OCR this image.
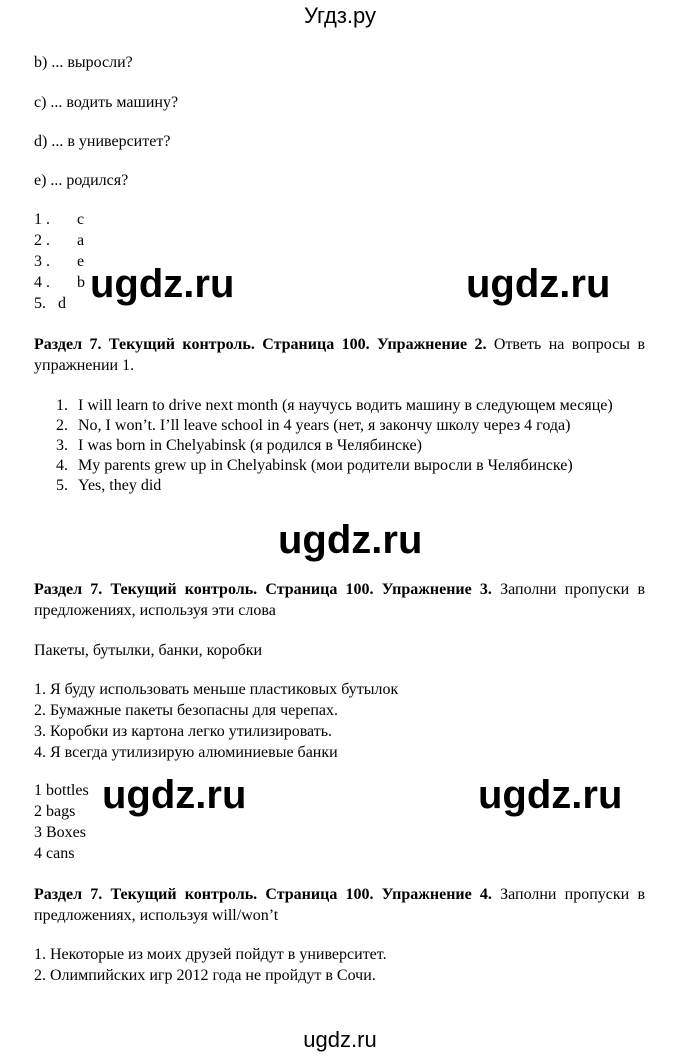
Угдз.ру
b) ... выросли?
c) ... водить машину?
d) ... в университет?
e) ... родился?
1 . c
2 . a
3 . e
4 . b
5. d ugdz.ru	ugdz.ru
Раздел 7. Текущий контроль. Страница 100. Упражнение 2. Ответь на вопросы в упражнении 1.
1. I will learn to drive next month (я научусь водить машину в следующем месяце)
2. No, I won’t. I’ll leave school in 4 years (нет, я закончу школу через 4 года)
3. I was born in Chelyabinsk (я родился в Челябинске)
4. My parents grew up in Chelyabinsk (мои родители выросли в Челябинске)
5. Yes, they did
ugdz.ru
Раздел 7. Текущий контроль. Страница 100. Упражнение 3. Заполни пропуски в предложениях, используя эти слова
Пакеты, бутылки, банки, коробки
1. Я буду использовать меньше пластиковых бутылок
2. Бумажные пакеты безопасны для черепах.
3. Коробки из картона легко утилизировать.
4. Я всегда утилизирую алюминиевые банки
1 bottles
2 bags
3 Boxes
4 cans
ugdz.ru	ugdz.ru
Раздел 7. Текущий контроль. Страница 100. Упражнение 4. Заполни пропуски в предложениях, используя will/won’t
1. Некоторые из моих друзей пойдут в университет.
2. Олимпийских игр 2012 года не пройдут в Сочи.
ugdz.ru
